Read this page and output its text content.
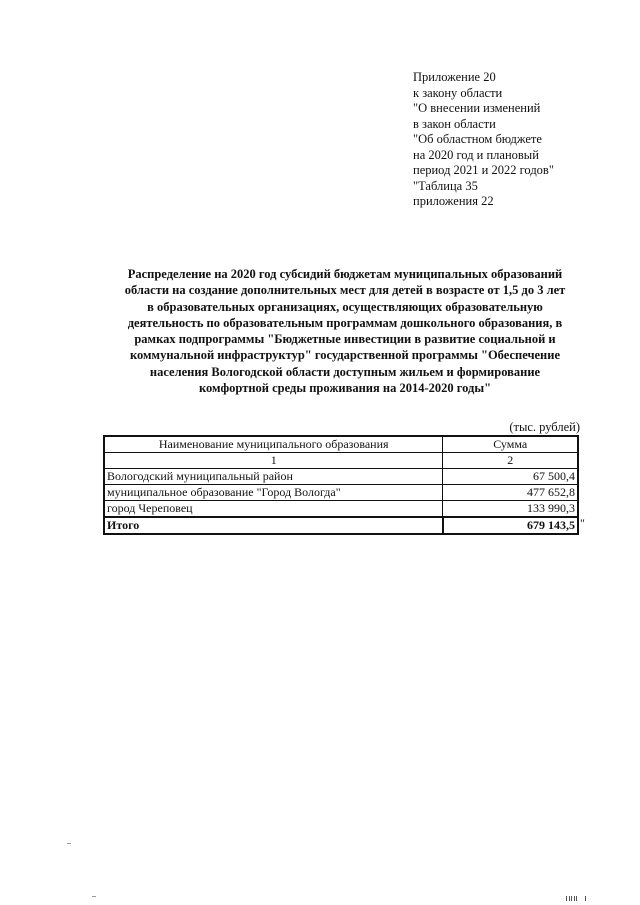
Приложение 20
к закону области
"О внесении изменений
в закон области
"Об областном бюджете
на 2020 год и плановый
период 2021 и 2022 годов"
"Таблица 35
приложения 22
Распределение на 2020 год субсидий бюджетам муниципальных образований
области на создание дополнительных мест для детей в возрасте от 1,5 до 3 лет
в образовательных организациях, осуществляющих образовательную
деятельность по образовательным программам дошкольного образования, в
рамках подпрограммы "Бюджетные инвестиции в развитие социальной и
коммунальной инфраструктур" государственной программы "Обеспечение
населения Вологодской области доступным жильем и формирование
комфортной среды проживания на 2014-2020 годы"
(тыс. рублей)
Наименование муниципального образования	Сумма
1	2
Вологодский муниципальный район	67 500,4
муниципальное образование "Город Вологда"	477 652,8
город Череповец	133 990,3
Итого	679 143,5 "
